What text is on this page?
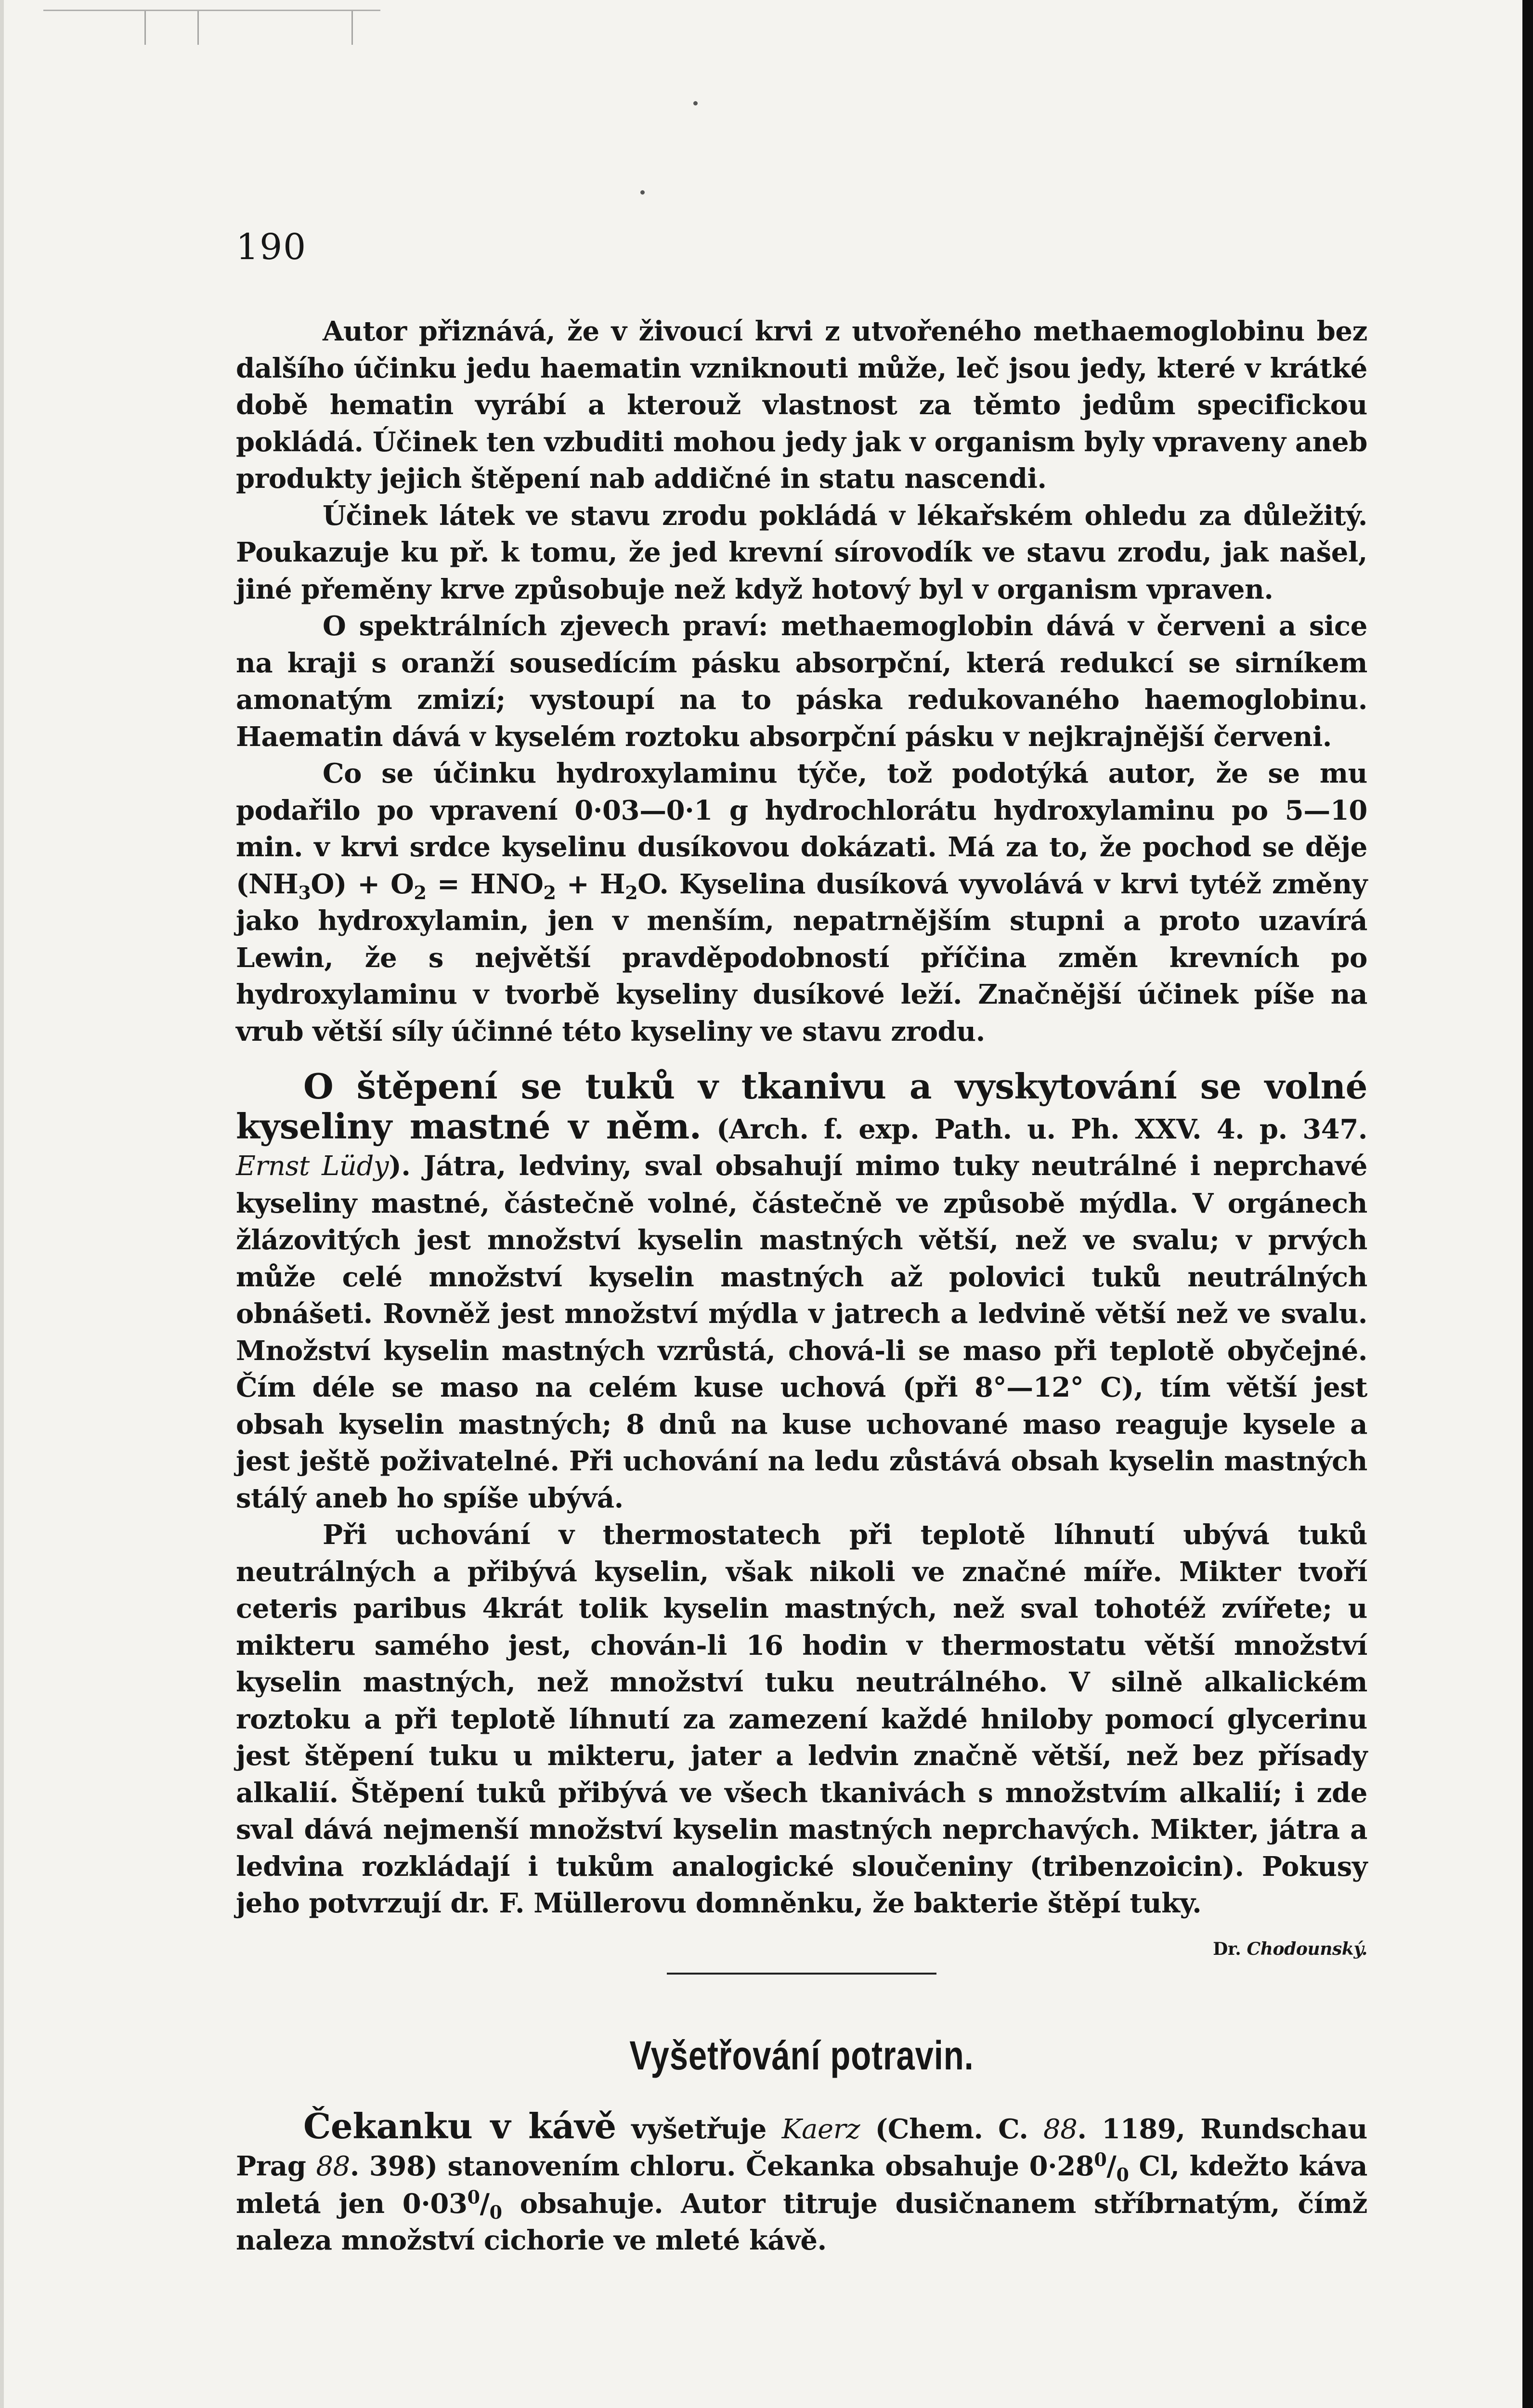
190

Autor přiznává, že v živoucí krvi z utvořeného methaemoglobinu bez dalšího účinku jedu haematin vzniknouti může, leč jsou jedy, které v krátké době hematin vyrábí a kterouž vlastnost za těmto jedům specifickou pokládá. Účinek ten vzbuditi mohou jedy jak v organism byly vpraveny aneb produkty jejich štěpení nab addičné in statu nascendi.

Účinek látek ve stavu zrodu pokládá v lékařském ohledu za důležitý. Poukazuje ku př. k tomu, že jed krevní sírovodík ve stavu zrodu, jak našel, jiné přeměny krve způsobuje než když hotový byl v organism vpraven.

O spektrálních zjevech praví: methaemoglobin dává v červeni a sice na kraji s oranží sousedícím pásku absorpční, která redukcí se sirníkem amonatým zmizí; vystoupí na to páska redukovaného haemoglobinu. Haematin dává v kyselém roztoku absorpční pásku v nejkrajnější červeni.

Co se účinku hydroxylaminu týče, tož podotýká autor, že se mu podařilo po vpravení 0·03—0·1 g hydrochlorátu hydroxylaminu po 5—10 min. v krvi srdce kyselinu dusíkovou dokázati. Má za to, že pochod se děje $(NH_3O) + O_2 = HNO_2 + H_2O$. Kyselina dusíková vyvolává v krvi tytéž změny jako hydroxylamin, jen v menším, nepatrnějším stupni a proto uzavírá Lewin, že s největší pravděpodobností příčina změn krevních po hydroxylaminu v tvorbě kyseliny dusíkové leží. Značnější účinek píše na vrub větší síly účinné této kyseliny ve stavu zrodu.

O štěpení se tuků v tkanivu a vyskytování se volné kyseliny mastné v něm. (Arch. f. exp. Path. u. Ph. XXV. 4. p. 347. Ernst Lüdy). Játra, ledviny, sval obsahují mimo tuky neutrálné i neprchavé kyseliny mastné, částečně volné, částečně ve způsobě mýdla. V orgánech žlázovitých jest množství kyselin mastných větší, než ve svalu; v prvých může celé množství kyselin mastných až polovici tuků neutrálných obnášeti. Rovněž jest množství mýdla v jatrech a ledvině větší než ve svalu. Množství kyselin mastných vzrůstá, chová-li se maso při teplotě obyčejné. Čím déle se maso na celém kuse uchová (při 8°—12° C), tím větší jest obsah kyselin mastných; 8 dnů na kuse uchované maso reaguje kysele a jest ještě poživatelné. Při uchování na ledu zůstává obsah kyselin mastných stálý aneb ho spíše ubývá.

Při uchování v thermostatech při teplotě líhnutí ubývá tuků neutrálných a přibývá kyselin, však nikoli ve značné míře. Mikter tvoří ceteris paribus 4krát tolik kyselin mastných, než sval tohotéž zvířete; u mikteru samého jest, chován-li 16 hodin v thermostatu větší množství kyselin mastných, než množství tuku neutrálného. V silně alkalickém roztoku a při teplotě líhnutí za zamezení každé hniloby pomocí glycerinu jest štěpení tuku u mikteru, jater a ledvin značně větší, než bez přísady alkalií. Štěpení tuků přibývá ve všech tkanivách s množstvím alkalií; i zde sval dává nejmenší množství kyselin mastných neprchavých. Mikter, játra a ledvina rozkládají i tukům analogické sloučeniny (tribenzoicin). Pokusy jeho potvrzují dr. F. Müllerovu domněnku, že bakterie štěpí tuky.
Dr. Chodounský.

Vyšetřování potravin.

Čekanku v kávě vyšetřuje Kaerz (Chem. C. 88. 1189, Rundschau Prag 88. 398) stanovením chloru. Čekanka obsahuje $0\cdot 28^0/_0$ Cl, kdežto káva mletá jen $0\cdot 03^0/_0$ obsahuje. Autor titruje dusičnanem stříbrnatým, čímž naleza množství cichorie ve mleté kávě.
